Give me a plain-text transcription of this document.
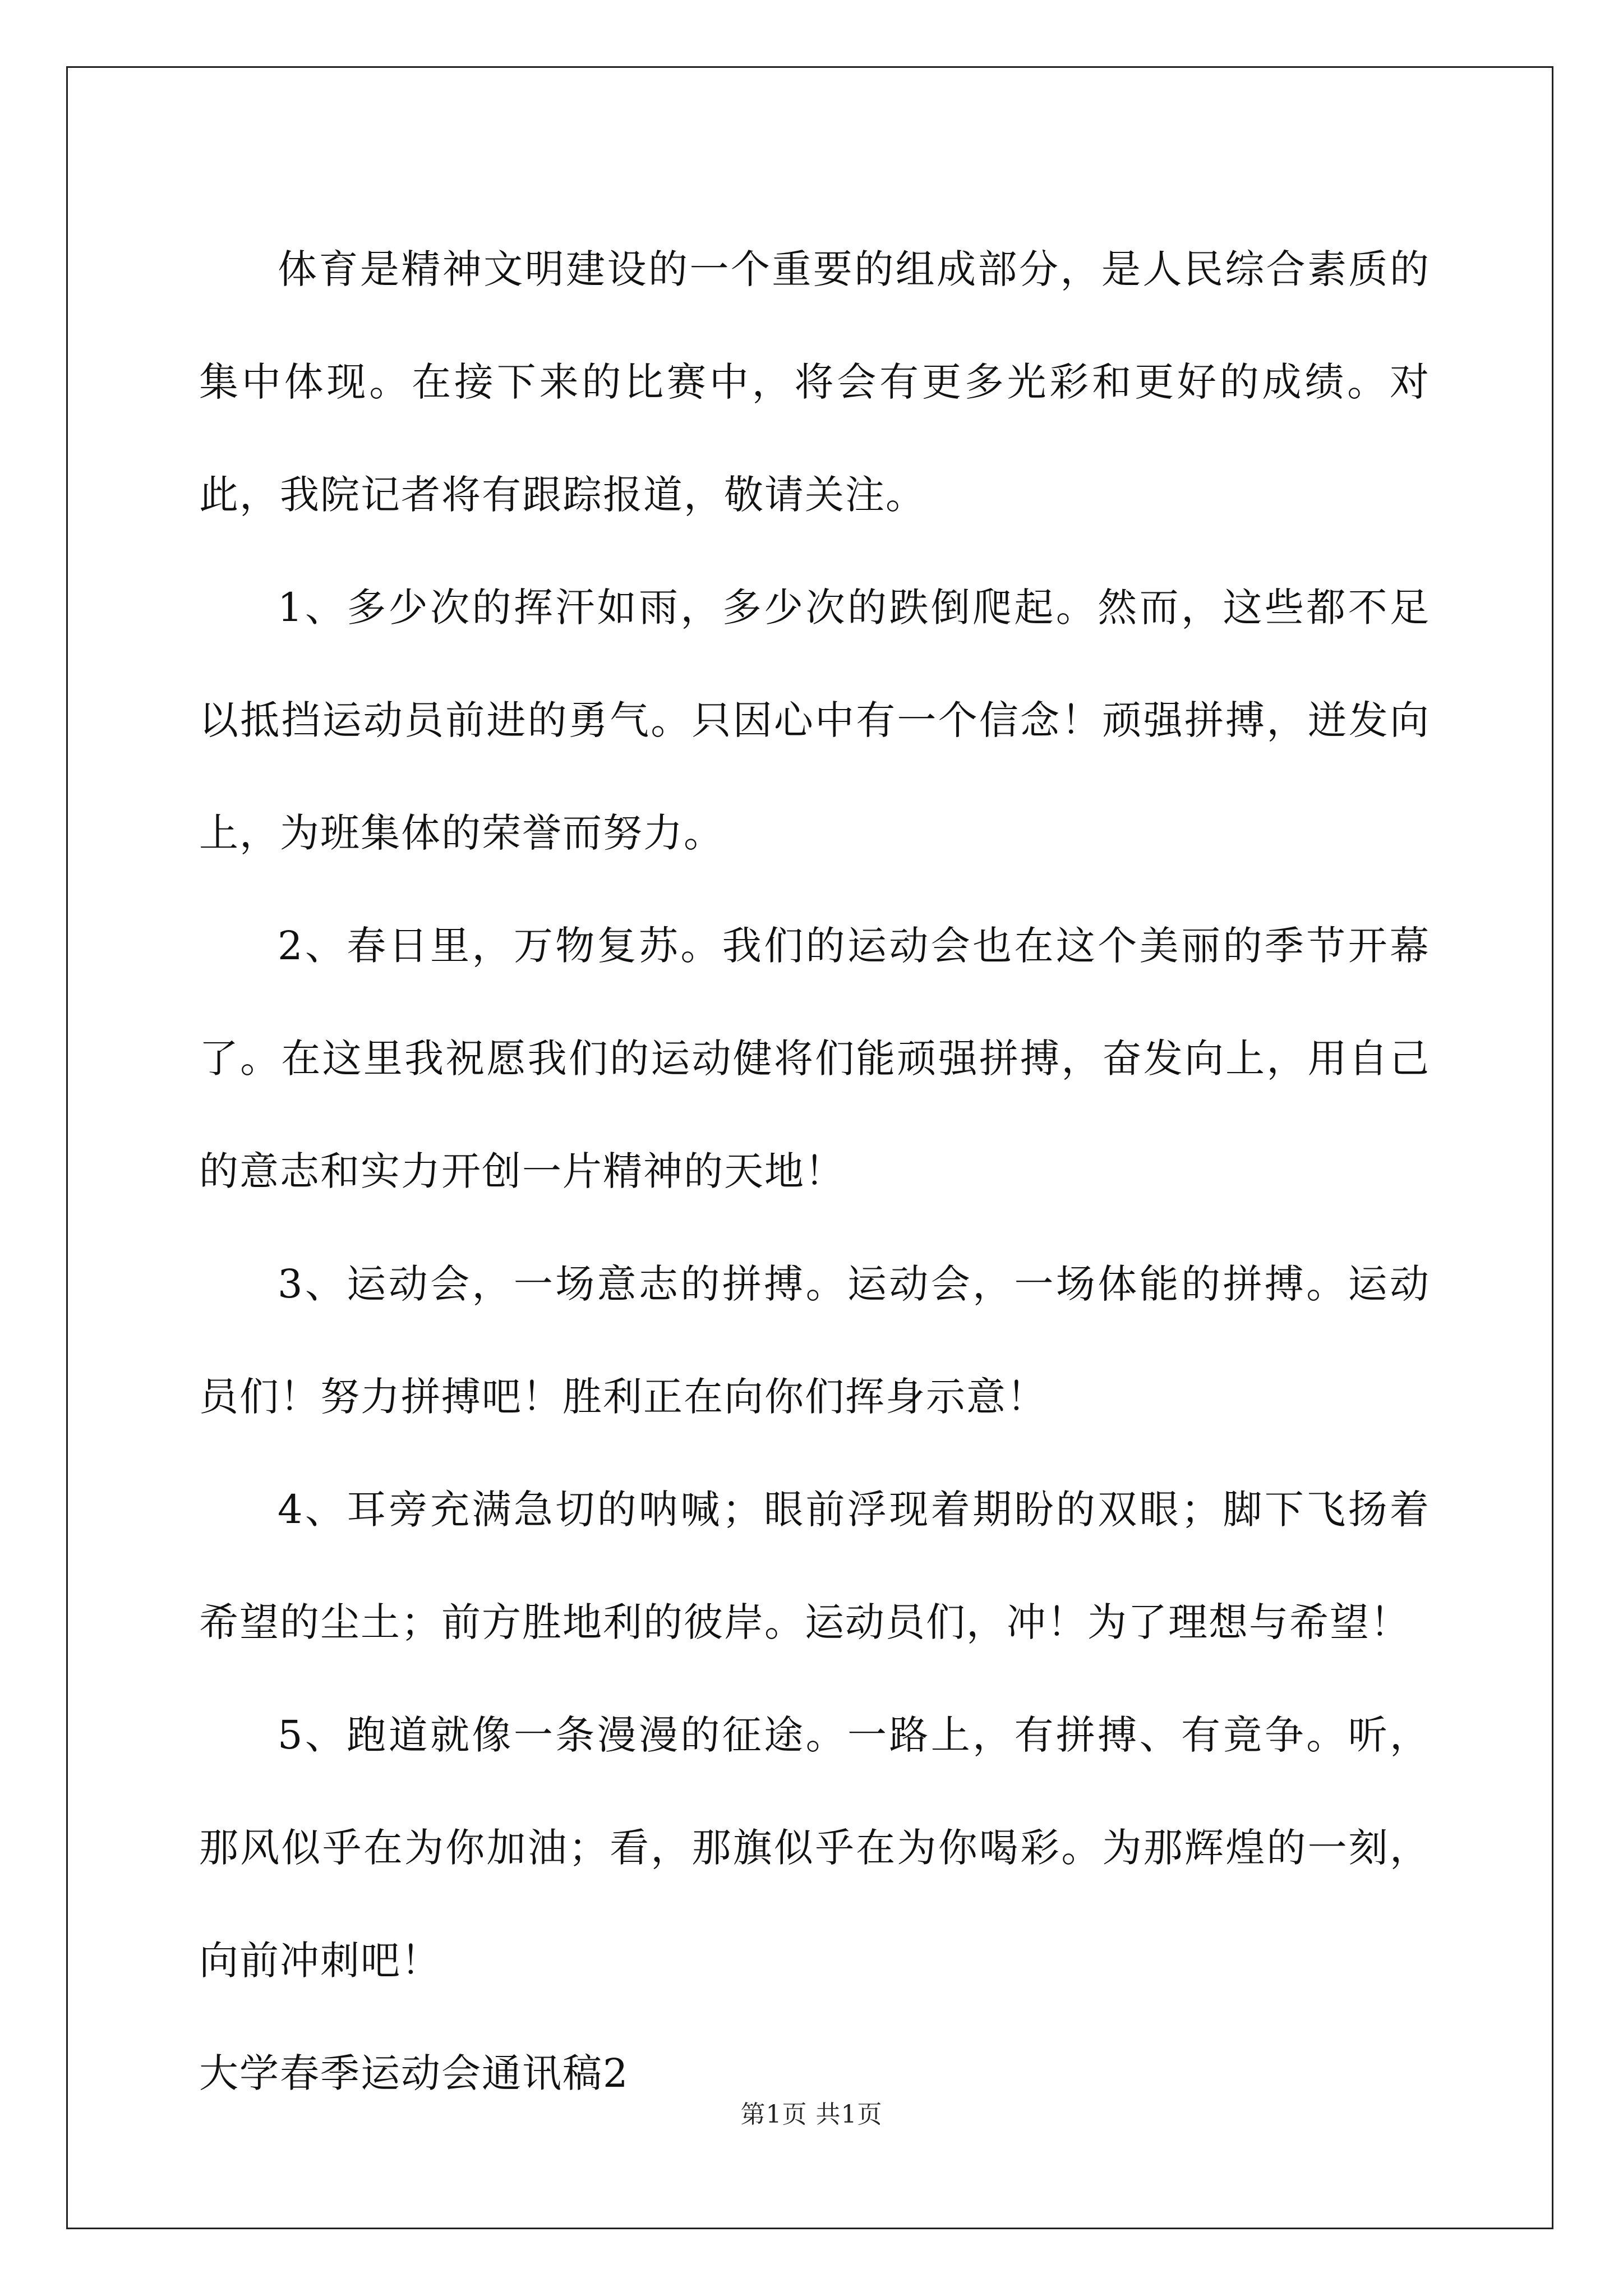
体育是精神文明建设的一个重要的组成部分，是人民综合素质的集中体现。在接下来的比赛中，将会有更多光彩和更好的成绩。对此，我院记者将有跟踪报道，敬请关注。

1、多少次的挥汗如雨，多少次的跌倒爬起。然而，这些都不足以抵挡运动员前进的勇气。只因心中有一个信念！顽强拼搏，迸发向上，为班集体的荣誉而努力。

2、春日里，万物复苏。我们的运动会也在这个美丽的季节开幕了。在这里我祝愿我们的运动健将们能顽强拼搏，奋发向上，用自己的意志和实力开创一片精神的天地！

3、运动会，一场意志的拼搏。运动会，一场体能的拼搏。运动员们！努力拼搏吧！胜利正在向你们挥身示意！

4、耳旁充满急切的呐喊；眼前浮现着期盼的双眼；脚下飞扬着希望的尘土；前方胜地利的彼岸。运动员们，冲！为了理想与希望！

5、跑道就像一条漫漫的征途。一路上，有拼搏、有竟争。听，那风似乎在为你加油；看，那旗似乎在为你喝彩。为那辉煌的一刻，向前冲刺吧！

大学春季运动会通讯稿2

第1页 共1页
